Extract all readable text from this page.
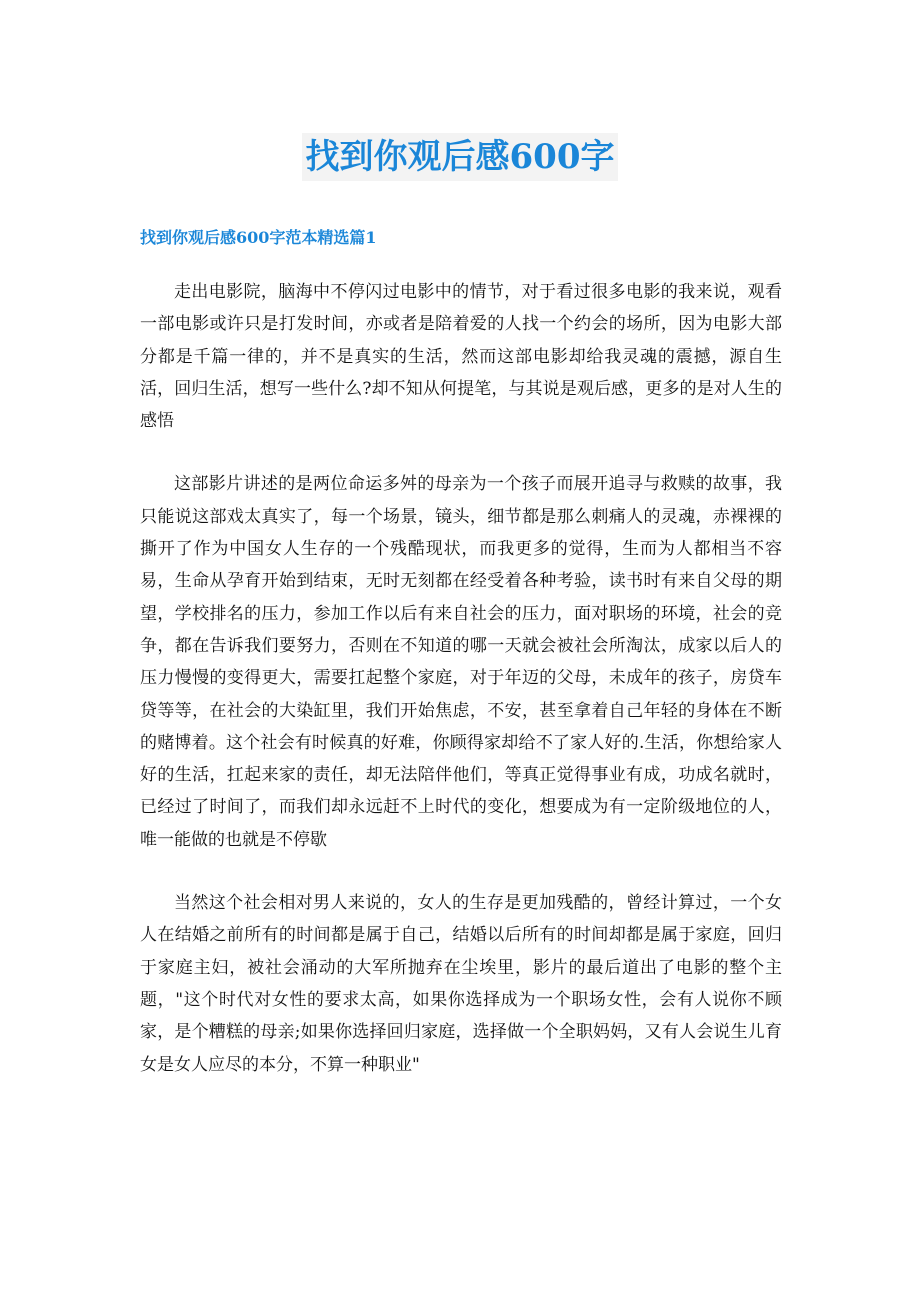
找到你观后感600字
找到你观后感600字范本精选篇1

走出电影院，脑海中不停闪过电影中的情节，对于看过很多电影的我来说，观看一部电影或许只是打发时间，亦或者是陪着爱的人找一个约会的场所，因为电影大部分都是千篇一律的，并不是真实的生活，然而这部电影却给我灵魂的震撼，源自生活，回归生活，想写一些什么?却不知从何提笔，与其说是观后感，更多的是对人生的感悟

这部影片讲述的是两位命运多舛的母亲为一个孩子而展开追寻与救赎的故事，我只能说这部戏太真实了，每一个场景，镜头，细节都是那么刺痛人的灵魂，赤裸裸的撕开了作为中国女人生存的一个残酷现状，而我更多的觉得，生而为人都相当不容易，生命从孕育开始到结束，无时无刻都在经受着各种考验，读书时有来自父母的期望，学校排名的压力，参加工作以后有来自社会的压力，面对职场的环境，社会的竞争，都在告诉我们要努力，否则在不知道的哪一天就会被社会所淘汰，成家以后人的压力慢慢的变得更大，需要扛起整个家庭，对于年迈的父母，未成年的孩子，房贷车贷等等，在社会的大染缸里，我们开始焦虑，不安，甚至拿着自己年轻的身体在不断的赌博着。这个社会有时候真的好难，你顾得家却给不了家人好的.生活，你想给家人好的生活，扛起来家的责任，却无法陪伴他们，等真正觉得事业有成，功成名就时，已经过了时间了，而我们却永远赶不上时代的变化，想要成为有一定阶级地位的人，唯一能做的也就是不停歇

当然这个社会相对男人来说的，女人的生存是更加残酷的，曾经计算过，一个女人在结婚之前所有的时间都是属于自己，结婚以后所有的时间却都是属于家庭，回归于家庭主妇，被社会涌动的大军所抛弃在尘埃里，影片的最后道出了电影的整个主题，"这个时代对女性的要求太高，如果你选择成为一个职场女性，会有人说你不顾家，是个糟糕的母亲;如果你选择回归家庭，选择做一个全职妈妈，又有人会说生儿育女是女人应尽的本分，不算一种职业"
